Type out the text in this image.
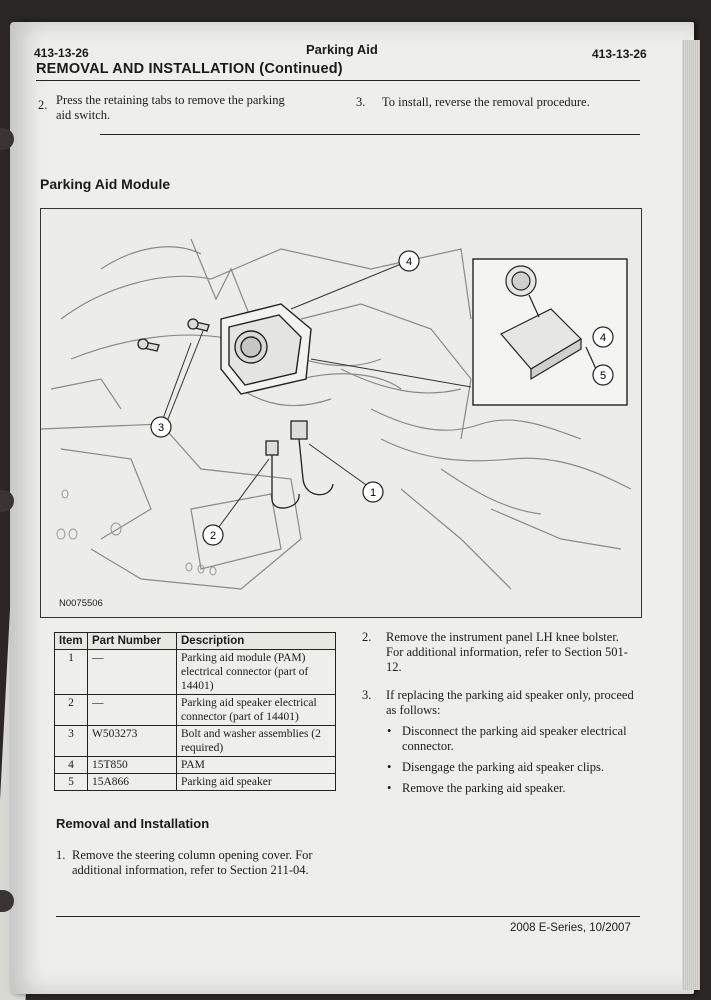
413-13-26	Parking Aid	413-13-26
REMOVAL AND INSTALLATION (Continued)
2. Press the retaining tabs to remove the parking
aid switch.
3. To install, reverse the removal procedure.
Parking Aid Module
4
3
1
2
4
5
N0075506
Item	Part Number	Description
1	—	Parking aid module (PAM) electrical connector (part of 14401)
2	—	Parking aid speaker electrical connector (part of 14401)
3	W503273	Bolt and washer assemblies (2 required)
4	15T850	PAM
5	15A866	Parking aid speaker
Removal and Installation
1. Remove the steering column opening cover. For additional information, refer to Section 211-04.
2. Remove the instrument panel LH knee bolster. For additional information, refer to Section 501-12.
3. If replacing the parking aid speaker only, proceed as follows:
• Disconnect the parking aid speaker electrical connector.
• Disengage the parking aid speaker clips.
• Remove the parking aid speaker.
2008 E-Series, 10/2007
